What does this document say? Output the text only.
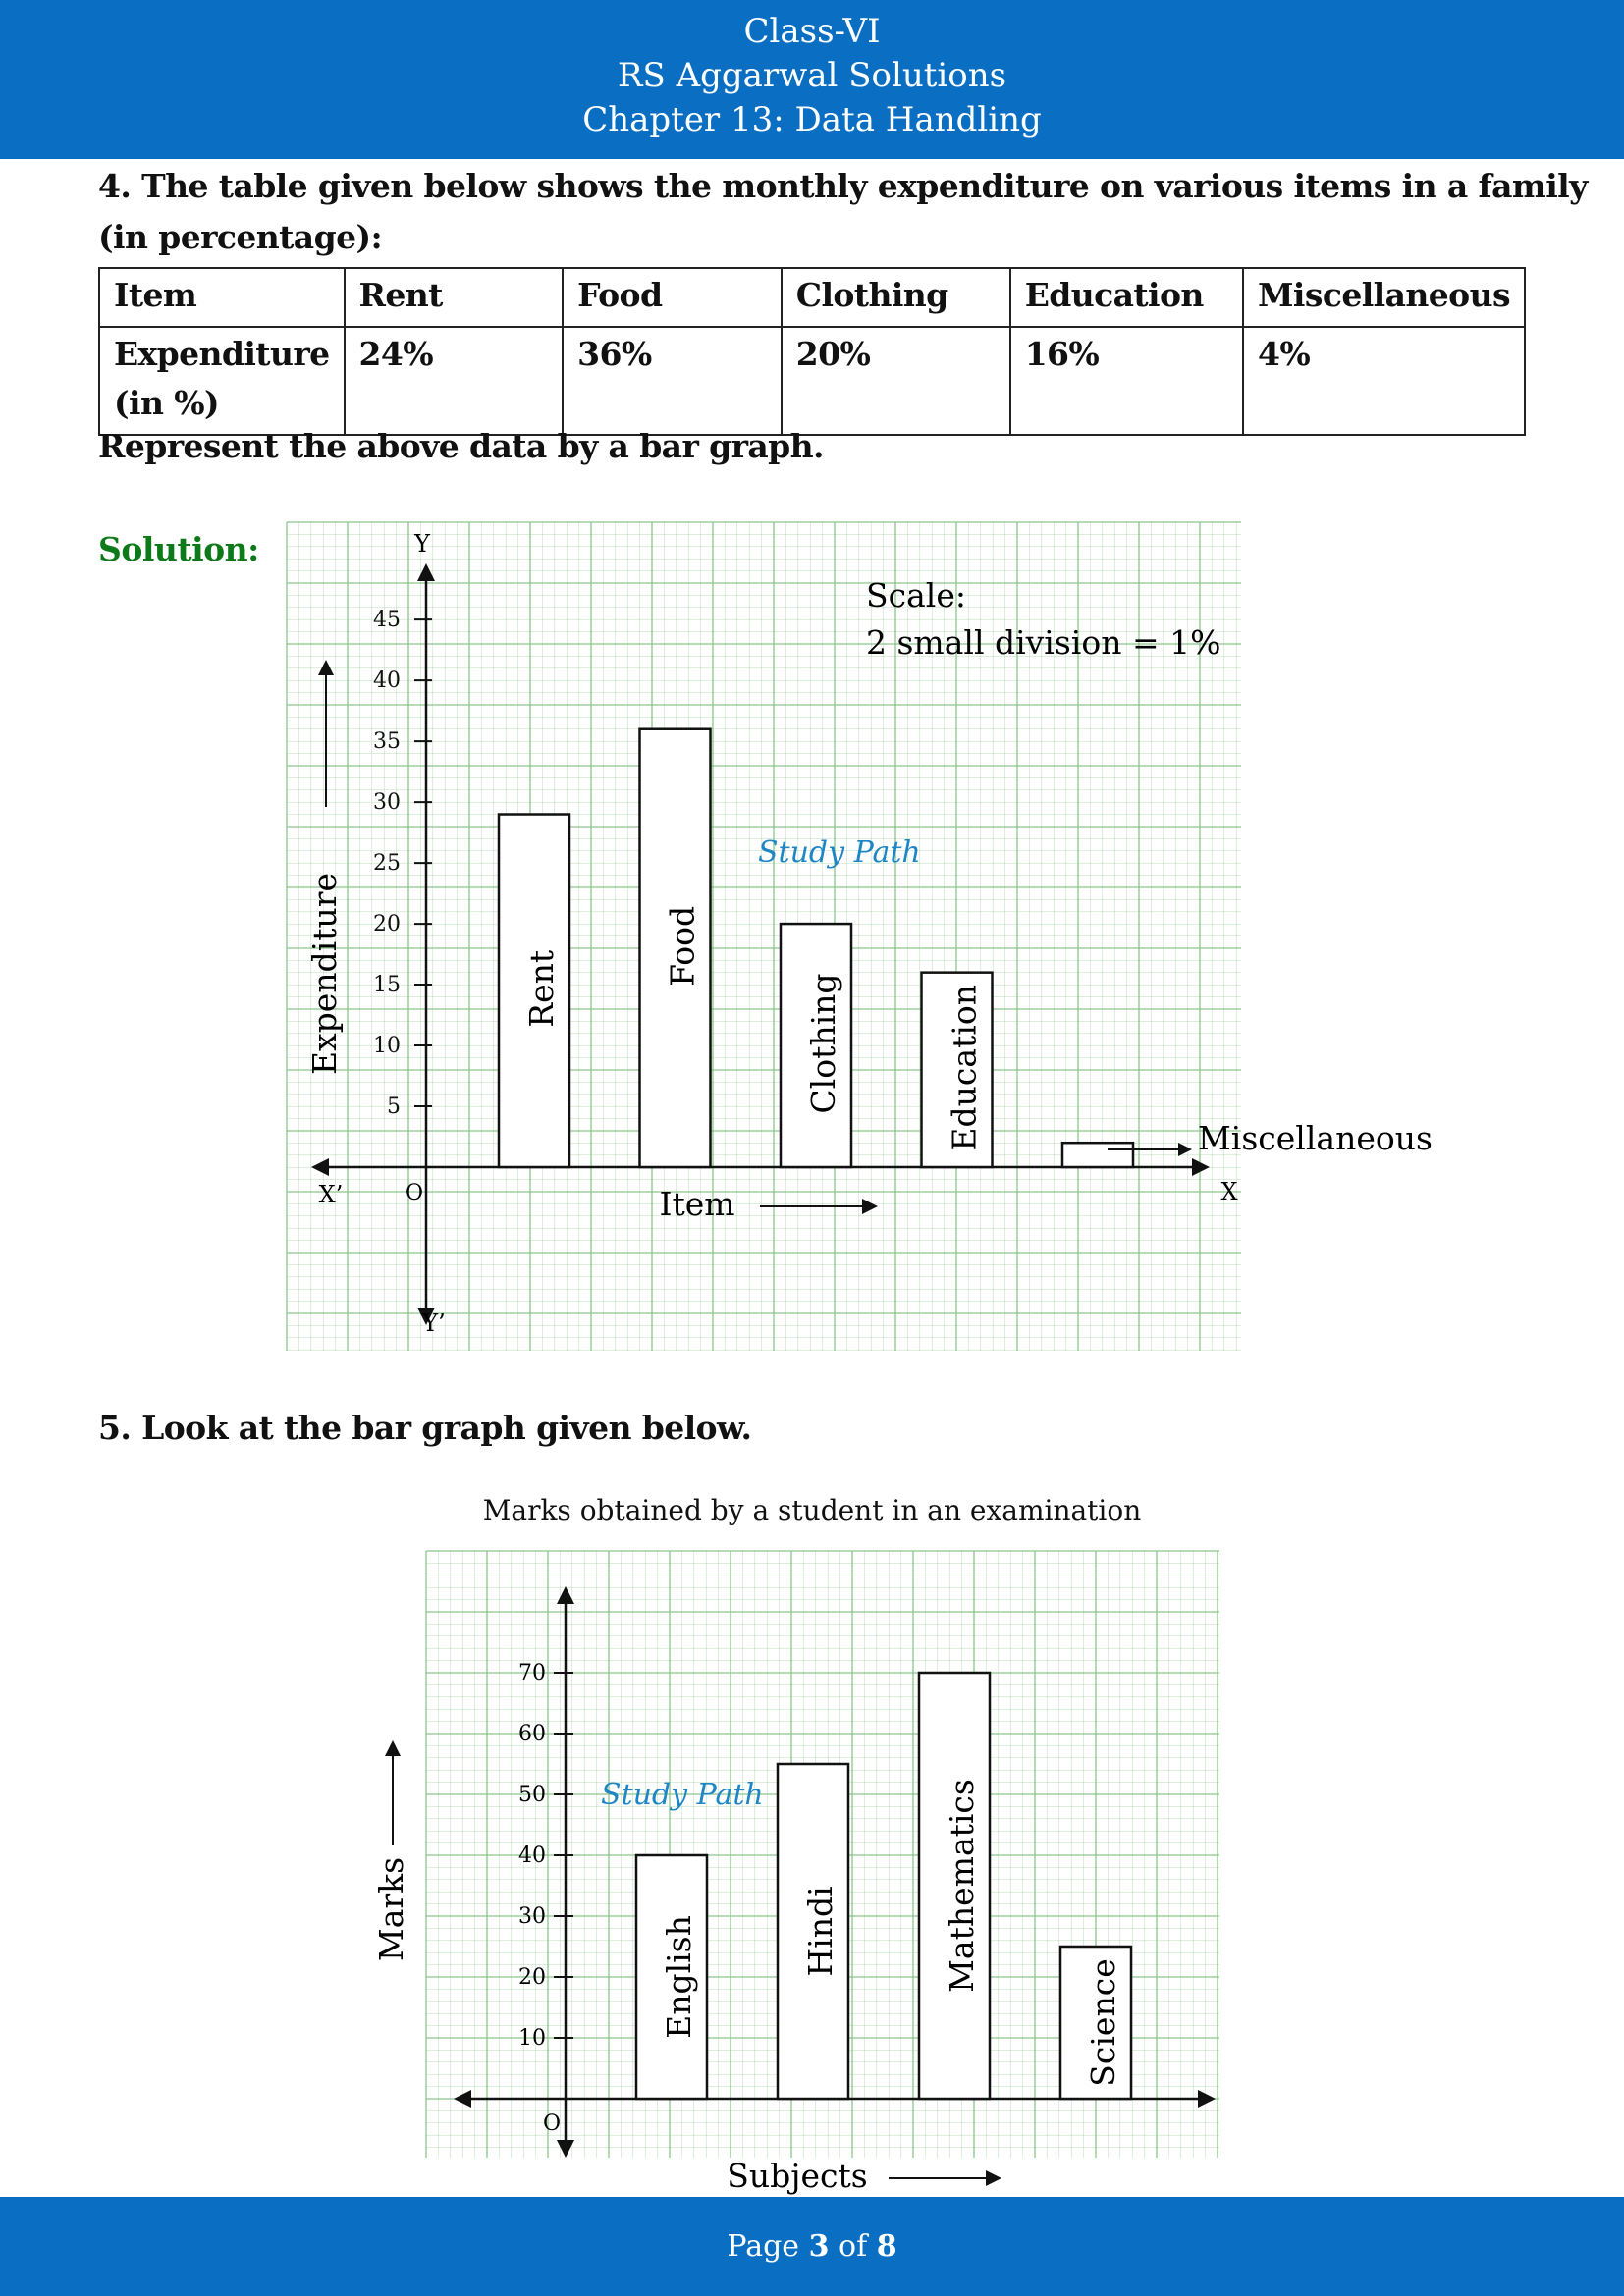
Class-VI
RS Aggarwal Solutions
Chapter 13: Data Handling
4. The table given below shows the monthly expenditure on various items in a family
(in percentage):
Item	Rent	Food	Clothing	Education	Miscellaneous

Expenditure
(in %)	24%	36%	20%	16%	4%
Represent the above data by a bar graph.
Solution:
5
10
15
20
25
30
35
40
45
Y
Y’
X
X’	O
Rent
Food
Clothing	Education	Miscellaneous
Expenditure
Item
Scale:
2 small division = 1%
Study Path
5. Look at the bar graph given below.
Marks obtained by a student in an examination
10
20
30
40
50
60
70
O
English	Hindi	Mathematics
Science
Marks
Subjects
Study Path
Page 3 of 8
